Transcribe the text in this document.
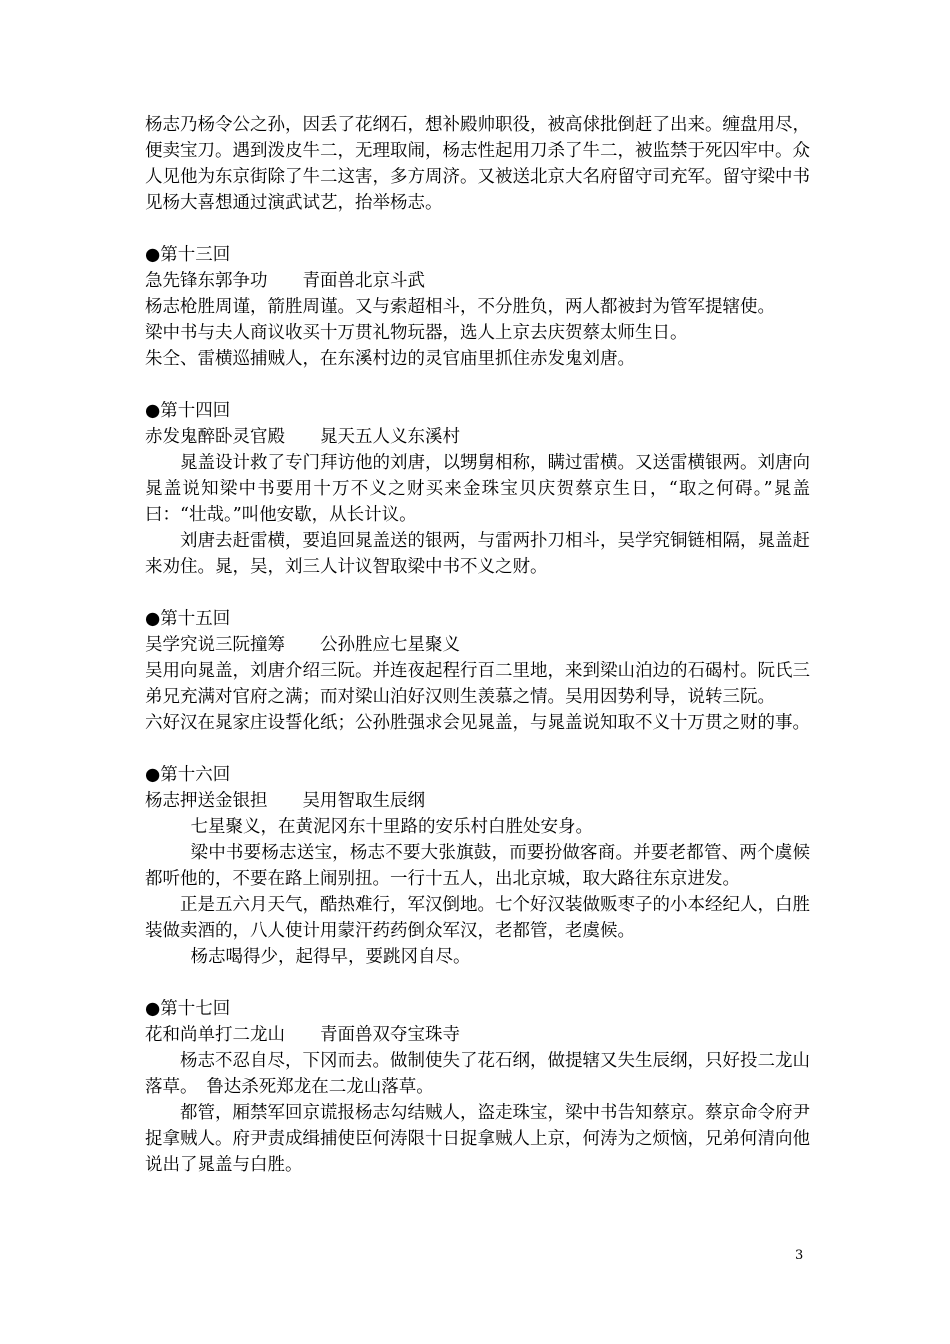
杨志乃杨令公之孙，因丢了花纲石，想补殿帅职役，被高俅批倒赶了出来。缠盘用尽，便卖宝刀。遇到泼皮牛二，无理取闹，杨志性起用刀杀了牛二，被监禁于死囚牢中。众人见他为东京街除了牛二这害，多方周济。又被送北京大名府留守司充军。留守梁中书见杨大喜想通过演武试艺，抬举杨志。

●第十三回

急先锋东郭争功　　青面兽北京斗武

杨志枪胜周谨，箭胜周谨。又与索超相斗，不分胜负，两人都被封为管军提辖使。

梁中书与夫人商议收买十万贯礼物玩器，选人上京去庆贺蔡太师生日。

朱仝、雷横巡捕贼人，在东溪村边的灵官庙里抓住赤发鬼刘唐。

●第十四回

赤发鬼醉卧灵官殿　　晁天五人义东溪村

晁盖设计救了专门拜访他的刘唐，以甥舅相称，瞒过雷横。又送雷横银两。刘唐向晁盖说知梁中书要用十万不义之财买来金珠宝贝庆贺蔡京生日，“取之何碍。”晁盖曰：“壮哉。”叫他安歇，从长计议。

刘唐去赶雷横，要追回晁盖送的银两，与雷两扑刀相斗，吴学究铜链相隔，晁盖赶来劝住。晁，吴，刘三人计议智取梁中书不义之财。

●第十五回

吴学究说三阮撞筹　　公孙胜应七星聚义

吴用向晁盖，刘唐介绍三阮。并连夜起程行百二里地，来到梁山泊边的石碣村。阮氏三弟兄充满对官府之满；而对梁山泊好汉则生羡慕之情。吴用因势利导，说转三阮。

六好汉在晁家庄设誓化纸；公孙胜强求会见晁盖，与晁盖说知取不义十万贯之财的事。

●第十六回

杨志押送金银担　　吴用智取生辰纲

七星聚义，在黄泥冈东十里路的安乐村白胜处安身。

梁中书要杨志送宝，杨志不要大张旗鼓，而要扮做客商。并要老都管、两个虞候都听他的，不要在路上闹别扭。一行十五人，出北京城，取大路往东京进发。

正是五六月天气，酷热难行，军汉倒地。七个好汉装做贩枣子的小本经纪人，白胜装做卖酒的，八人使计用蒙汗药药倒众军汉，老都管，老虞候。

杨志喝得少，起得早，要跳冈自尽。

●第十七回

花和尚单打二龙山　　青面兽双夺宝珠寺

杨志不忍自尽，下冈而去。做制使失了花石纲，做提辖又失生辰纲，只好投二龙山落草。　鲁达杀死郑龙在二龙山落草。

都管，厢禁军回京谎报杨志勾结贼人，盗走珠宝，梁中书告知蔡京。蔡京命令府尹捉拿贼人。府尹责成缉捕使臣何涛限十日捉拿贼人上京，何涛为之烦恼，兄弟何清向他说出了晁盖与白胜。

3
